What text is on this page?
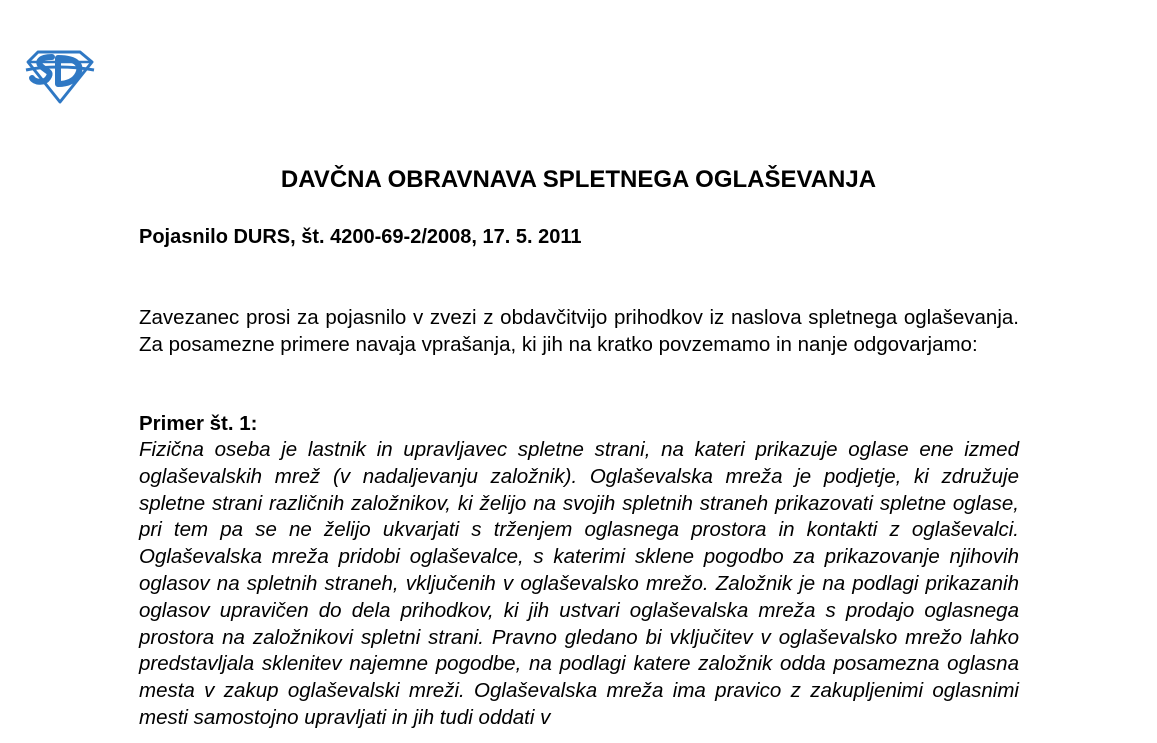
DAVČNA OBRAVNAVA SPLETNEGA OGLAŠEVANJA

Pojasnilo DURS, št. 4200-69-2/2008, 17. 5. 2011

Zavezanec prosi za pojasnilo v zvezi z obdavčitvijo prihodkov iz naslova spletnega oglaševanja. Za posamezne primere navaja vprašanja, ki jih na kratko povzemamo in nanje odgovarjamo:

Primer št. 1:

Fizična oseba je lastnik in upravljavec spletne strani, na kateri prikazuje oglase ene izmed oglaševalskih mrež (v nadaljevanju založnik). Oglaševalska mreža je podjetje, ki združuje spletne strani različnih založnikov, ki želijo na svojih spletnih straneh prikazovati spletne oglase, pri tem pa se ne želijo ukvarjati s trženjem oglasnega prostora in kontakti z oglaševalci. Oglaševalska mreža pridobi oglaševalce, s katerimi sklene pogodbo za prikazovanje njihovih oglasov na spletnih straneh, vključenih v oglaševalsko mrežo. Založnik je na podlagi prikazanih oglasov upravičen do dela prihodkov, ki jih ustvari oglaševalska mreža s prodajo oglasnega prostora na založnikovi spletni strani. Pravno gledano bi vključitev v oglaševalsko mrežo lahko predstavljala sklenitev najemne pogodbe, na podlagi katere založnik odda posamezna oglasna mesta v zakup oglaševalski mreži. Oglaševalska mreža ima pravico z zakupljenimi oglasnimi mesti samostojno upravljati in jih tudi oddati v
